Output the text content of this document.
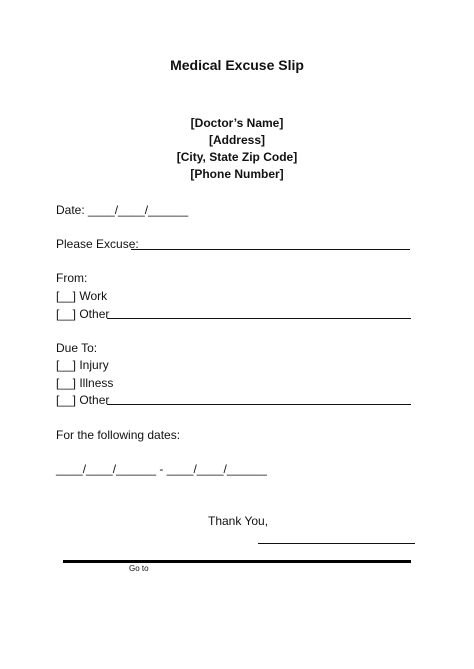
Medical Excuse Slip
[Doctor’s Name]
[Address]
[City, State Zip Code]
[Phone Number]
Date: ____/____/______
Please Excuse:
From:
[__] Work
[__] Other
Due To:
[__] Injury
[__] Illness
[__] Other
For the following dates:
____/____/______ - ____/____/______
Thank You,
Go to
